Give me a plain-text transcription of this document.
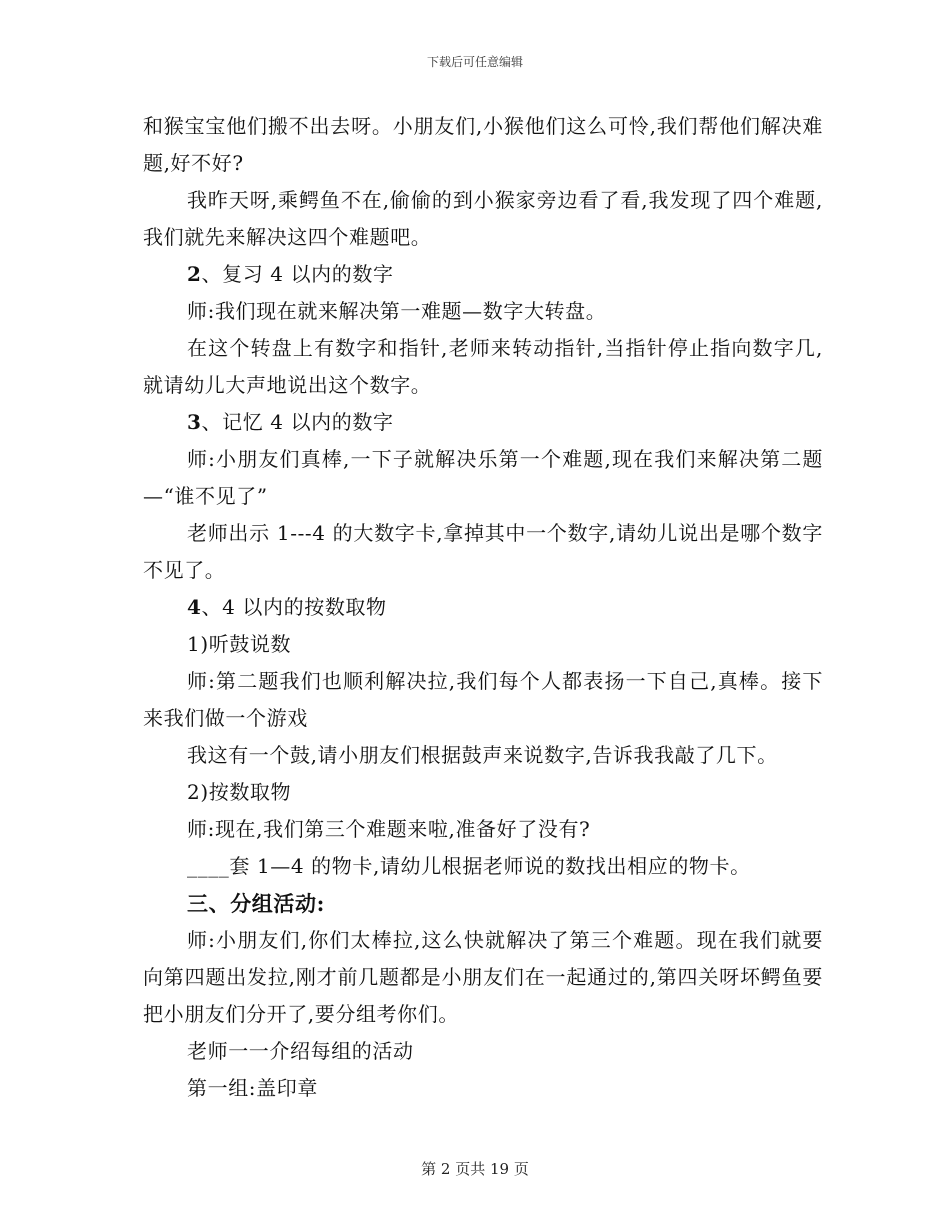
下载后可任意编辑

和猴宝宝他们搬不出去呀。小朋友们,小猴他们这么可怜,我们帮他们解决难题,好不好?

我昨天呀,乘鳄鱼不在,偷偷的到小猴家旁边看了看,我发现了四个难题,我们就先来解决这四个难题吧。

2、复习 4 以内的数字

师:我们现在就来解决第一难题—数字大转盘。

在这个转盘上有数字和指针,老师来转动指针,当指针停止指向数字几,就请幼儿大声地说出这个数字。

3、记忆 4 以内的数字

师:小朋友们真棒,一下子就解决乐第一个难题,现在我们来解决第二题—“谁不见了”

老师出示 1---4 的大数字卡,拿掉其中一个数字,请幼儿说出是哪个数字不见了。

4、4 以内的按数取物

1)听鼓说数

师:第二题我们也顺利解决拉,我们每个人都表扬一下自己,真棒。接下来我们做一个游戏

我这有一个鼓,请小朋友们根据鼓声来说数字,告诉我我敲了几下。

2)按数取物

师:现在,我们第三个难题来啦,准备好了没有?

____套 1—4 的物卡,请幼儿根据老师说的数找出相应的物卡。

三、分组活动:

师:小朋友们,你们太棒拉,这么快就解决了第三个难题。现在我们就要向第四题出发拉,刚才前几题都是小朋友们在一起通过的,第四关呀坏鳄鱼要把小朋友们分开了,要分组考你们。

老师一一介绍每组的活动

第一组:盖印章

第 2 页共 19 页
